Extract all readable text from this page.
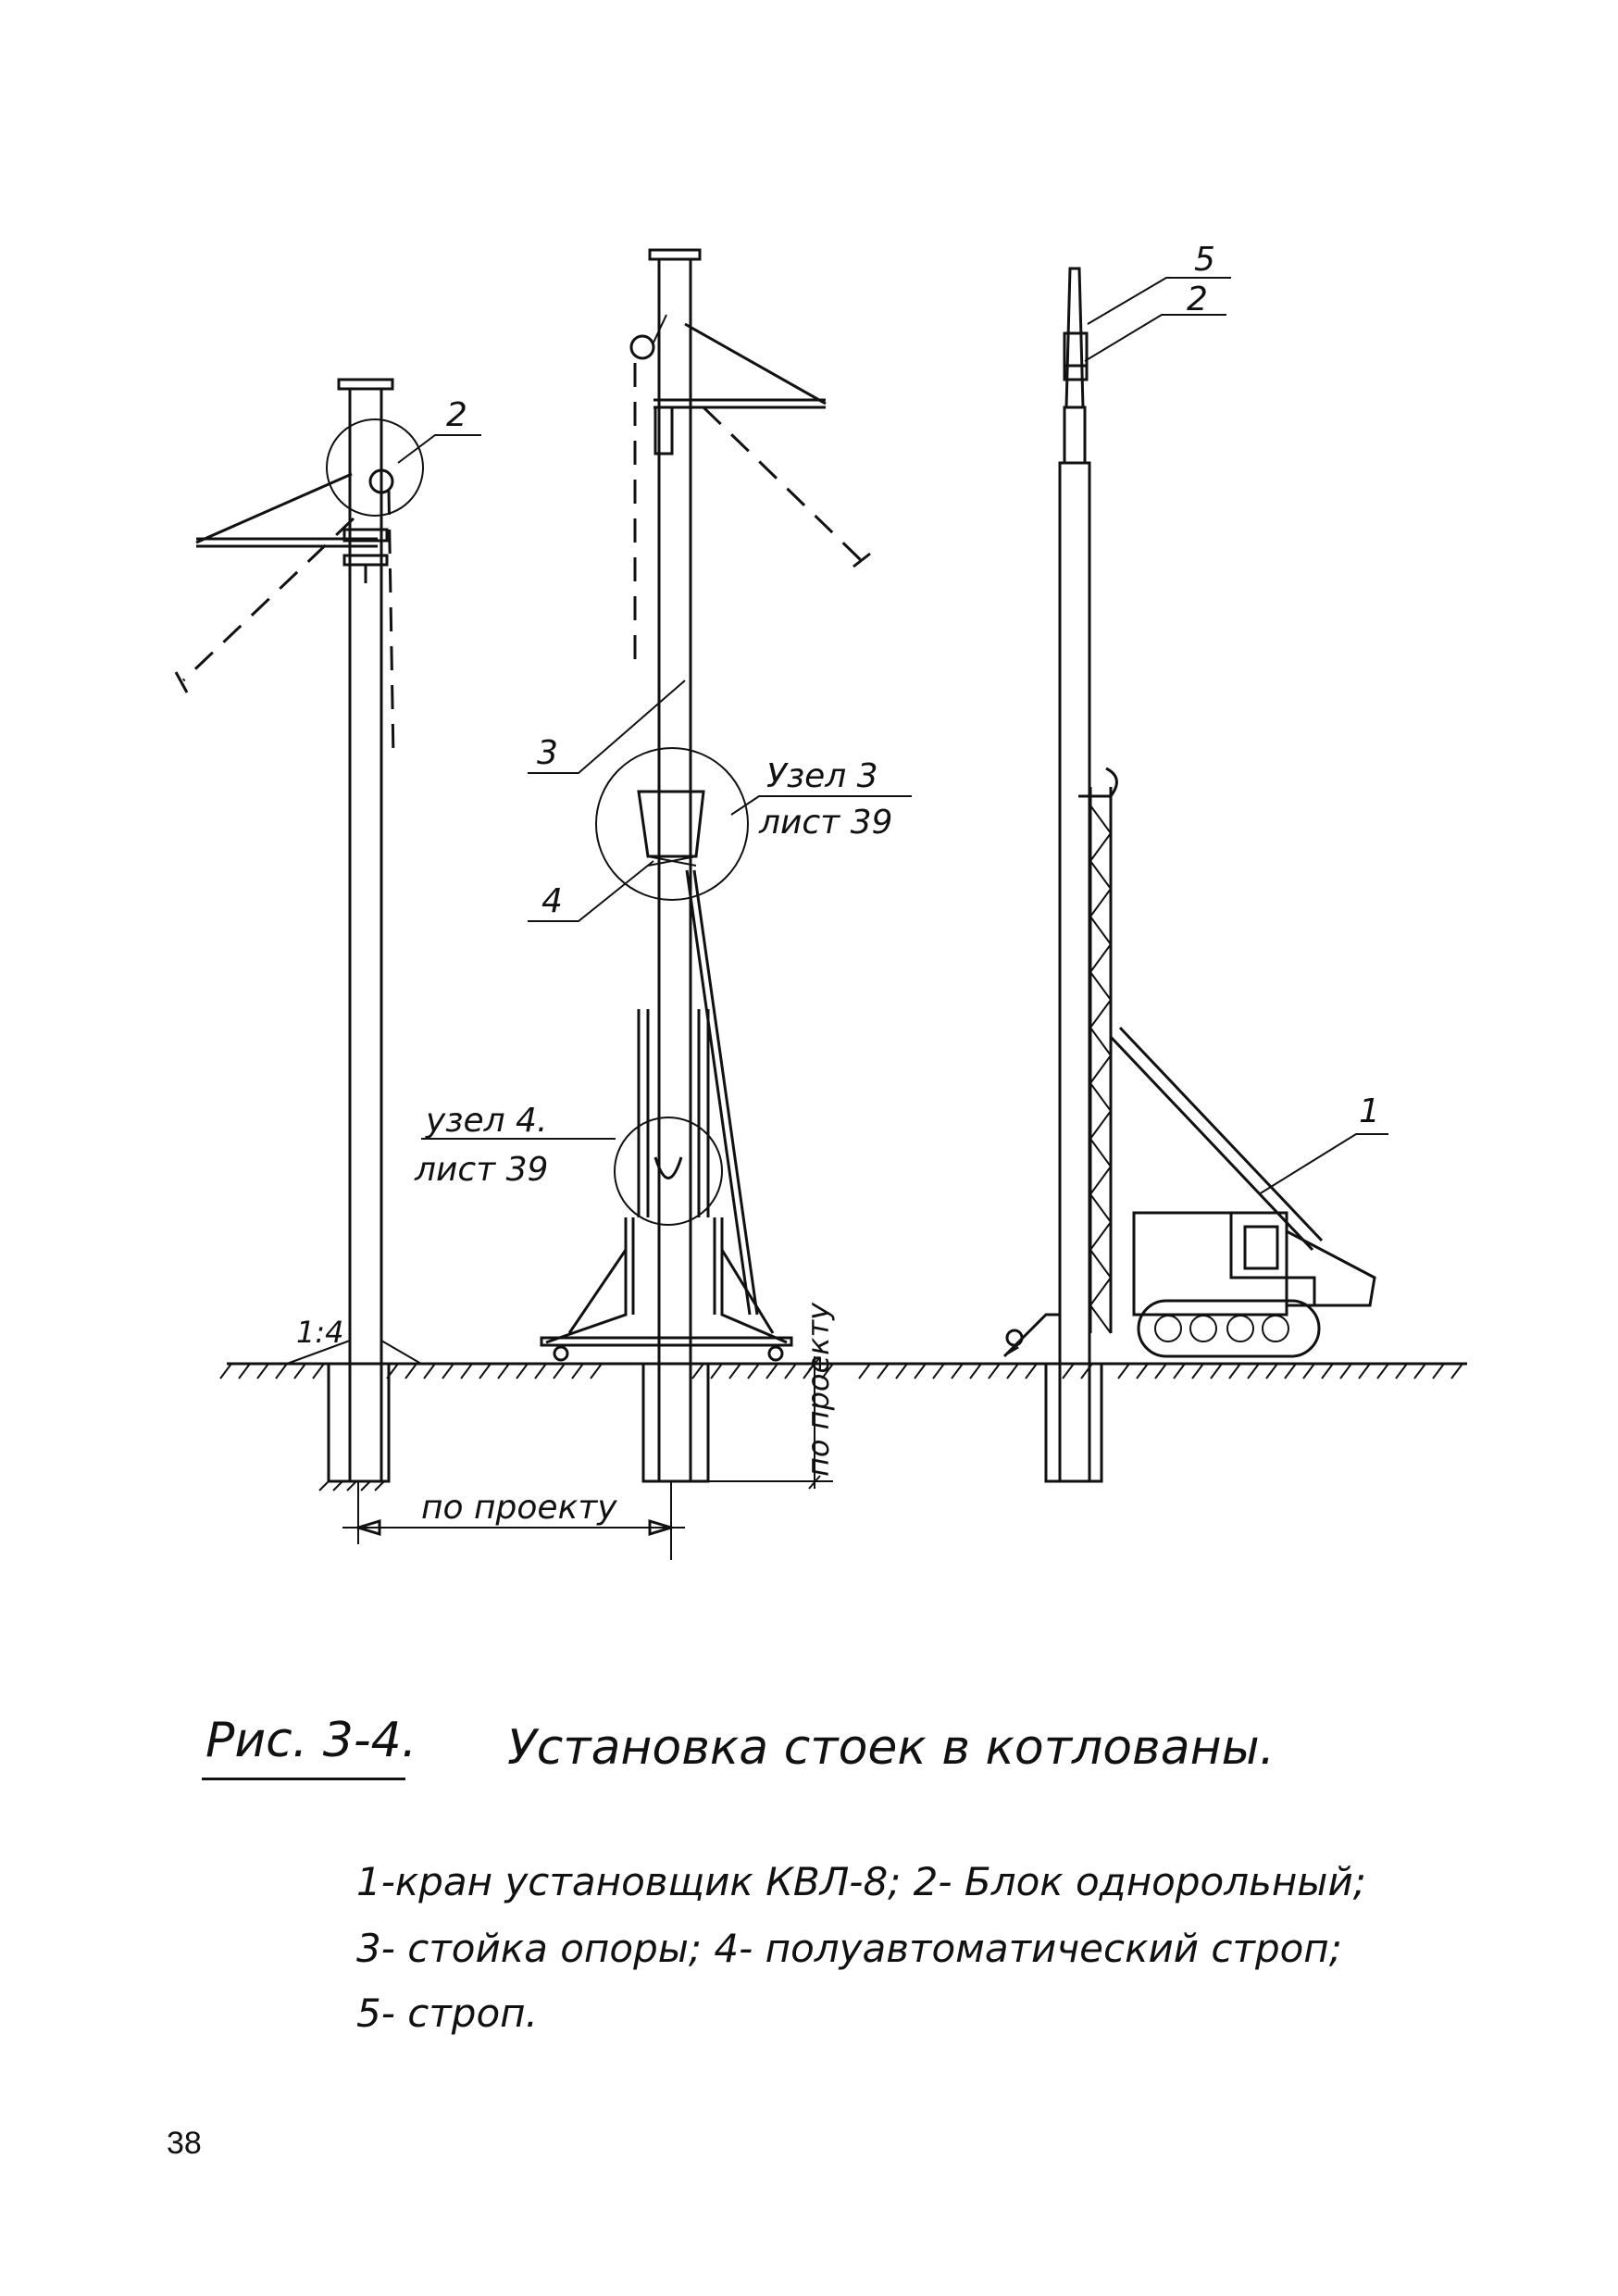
2
1:4
3
4
Узел 3
лист 39
узел 4.
лист 39
по проекту
по проекту
5
2
1
Рис. 3-4. Установка стоек в котлованы.
1-кран установщик КВЛ-8; 2- Блок однорольный;
3- стойка опоры; 4- полуавтоматический строп;
5- строп.
38
